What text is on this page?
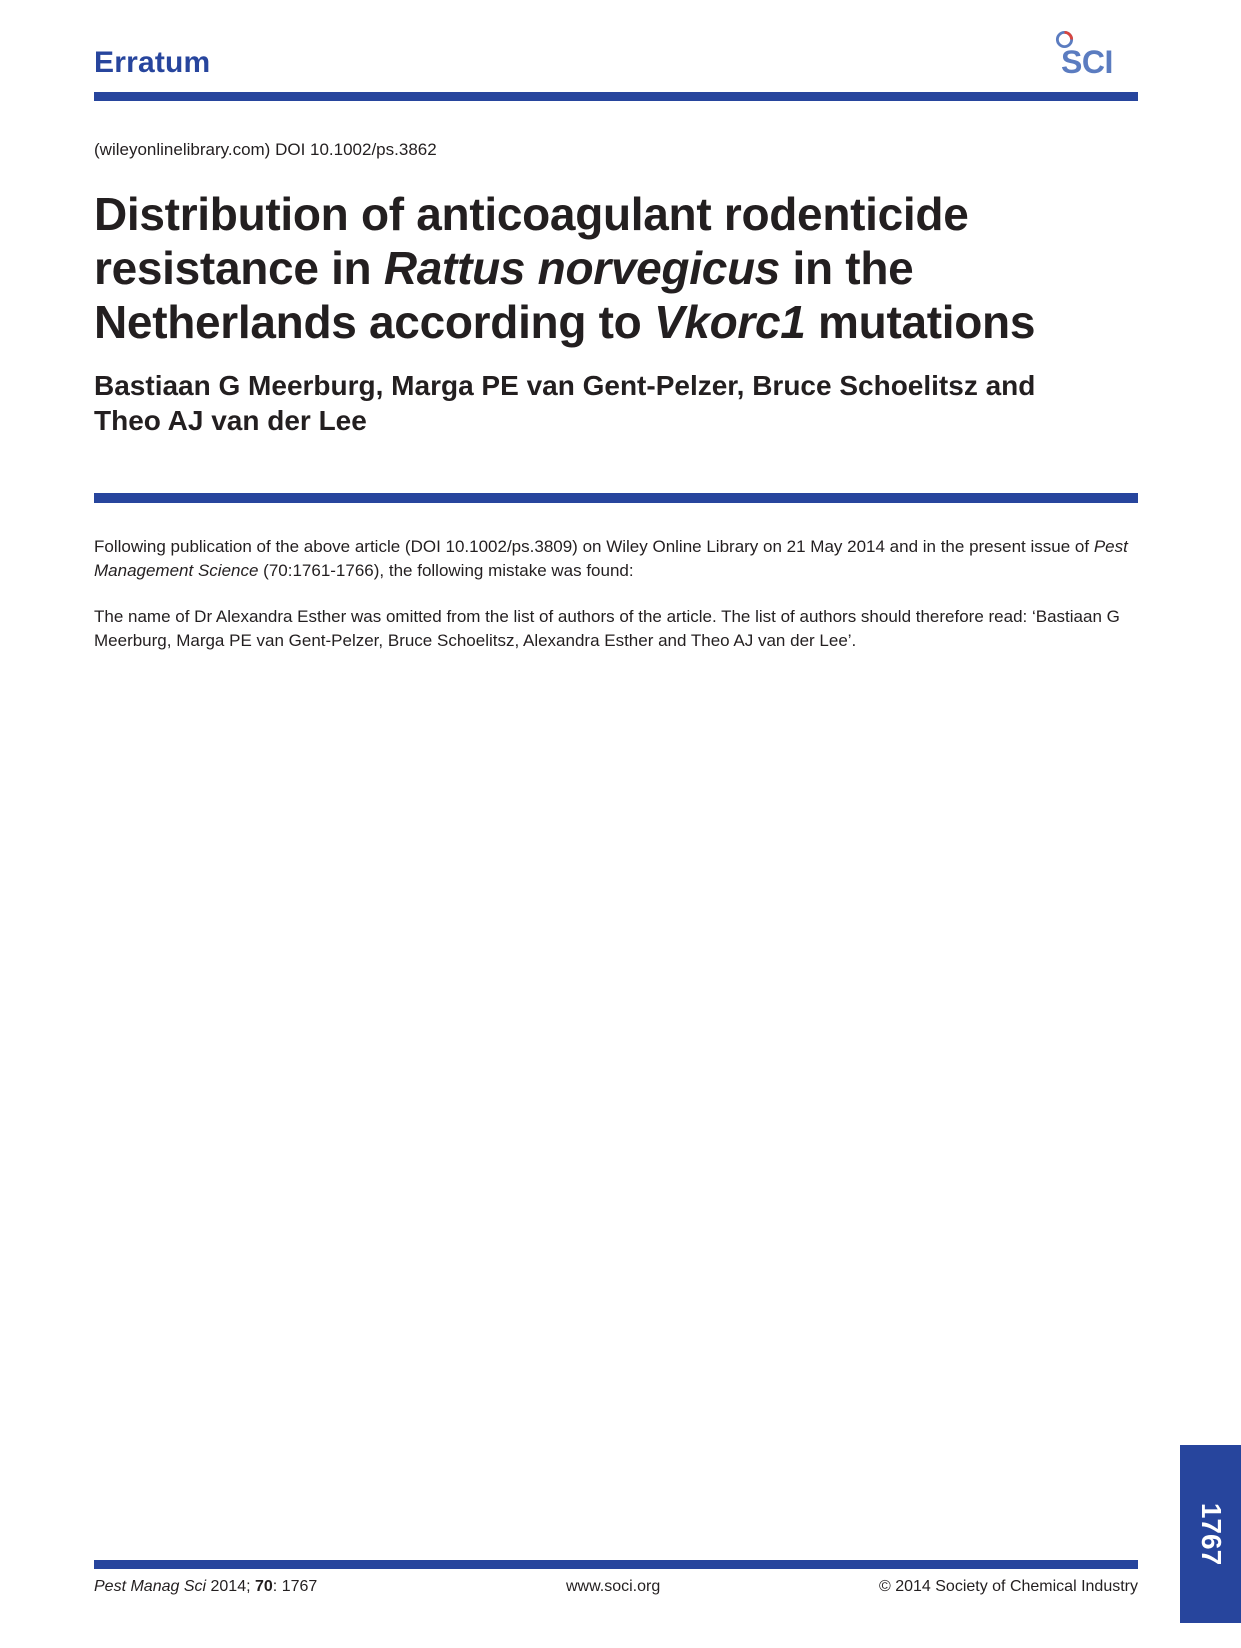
Erratum	SCI
(wileyonlinelibrary.com) DOI 10.1002/ps.3862
Distribution of anticoagulant rodenticide
resistance in Rattus norvegicus in the
Netherlands according to Vkorc1 mutations
Bastiaan G Meerburg, Marga PE van Gent-Pelzer, Bruce Schoelitsz and
Theo AJ van der Lee

Following publication of the above article (DOI 10.1002/ps.3809) on Wiley Online Library on 21 May 2014 and in the present issue of Pest Management Science (70:1761-1766), the following mistake was found:

The name of Dr Alexandra Esther was omitted from the list of authors of the article. The list of authors should therefore read: ‘Bastiaan G Meerburg, Marga PE van Gent-Pelzer, Bruce Schoelitsz, Alexandra Esther and Theo AJ van der Lee’.

1767
Pest Manag Sci 2014; 70: 1767	www.soci.org	© 2014 Society of Chemical Industry
